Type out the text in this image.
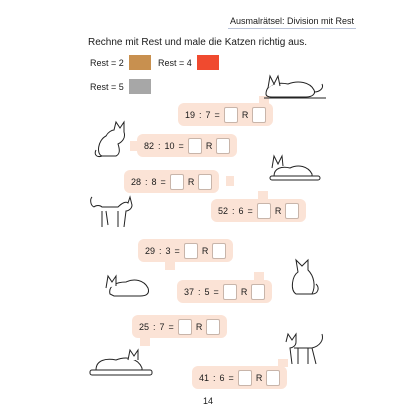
Ausmalrätsel: Division mit Rest
Rechne mit Rest und male die Katzen richtig aus.
Rest = 2	Rest = 4
Rest = 5
19 : 7 = R
82 : 10 = R
28 : 8 = R
52 : 6 = R
29 : 3 = R
37 : 5 = R
25 : 7 = R
41 : 6 = R
14
